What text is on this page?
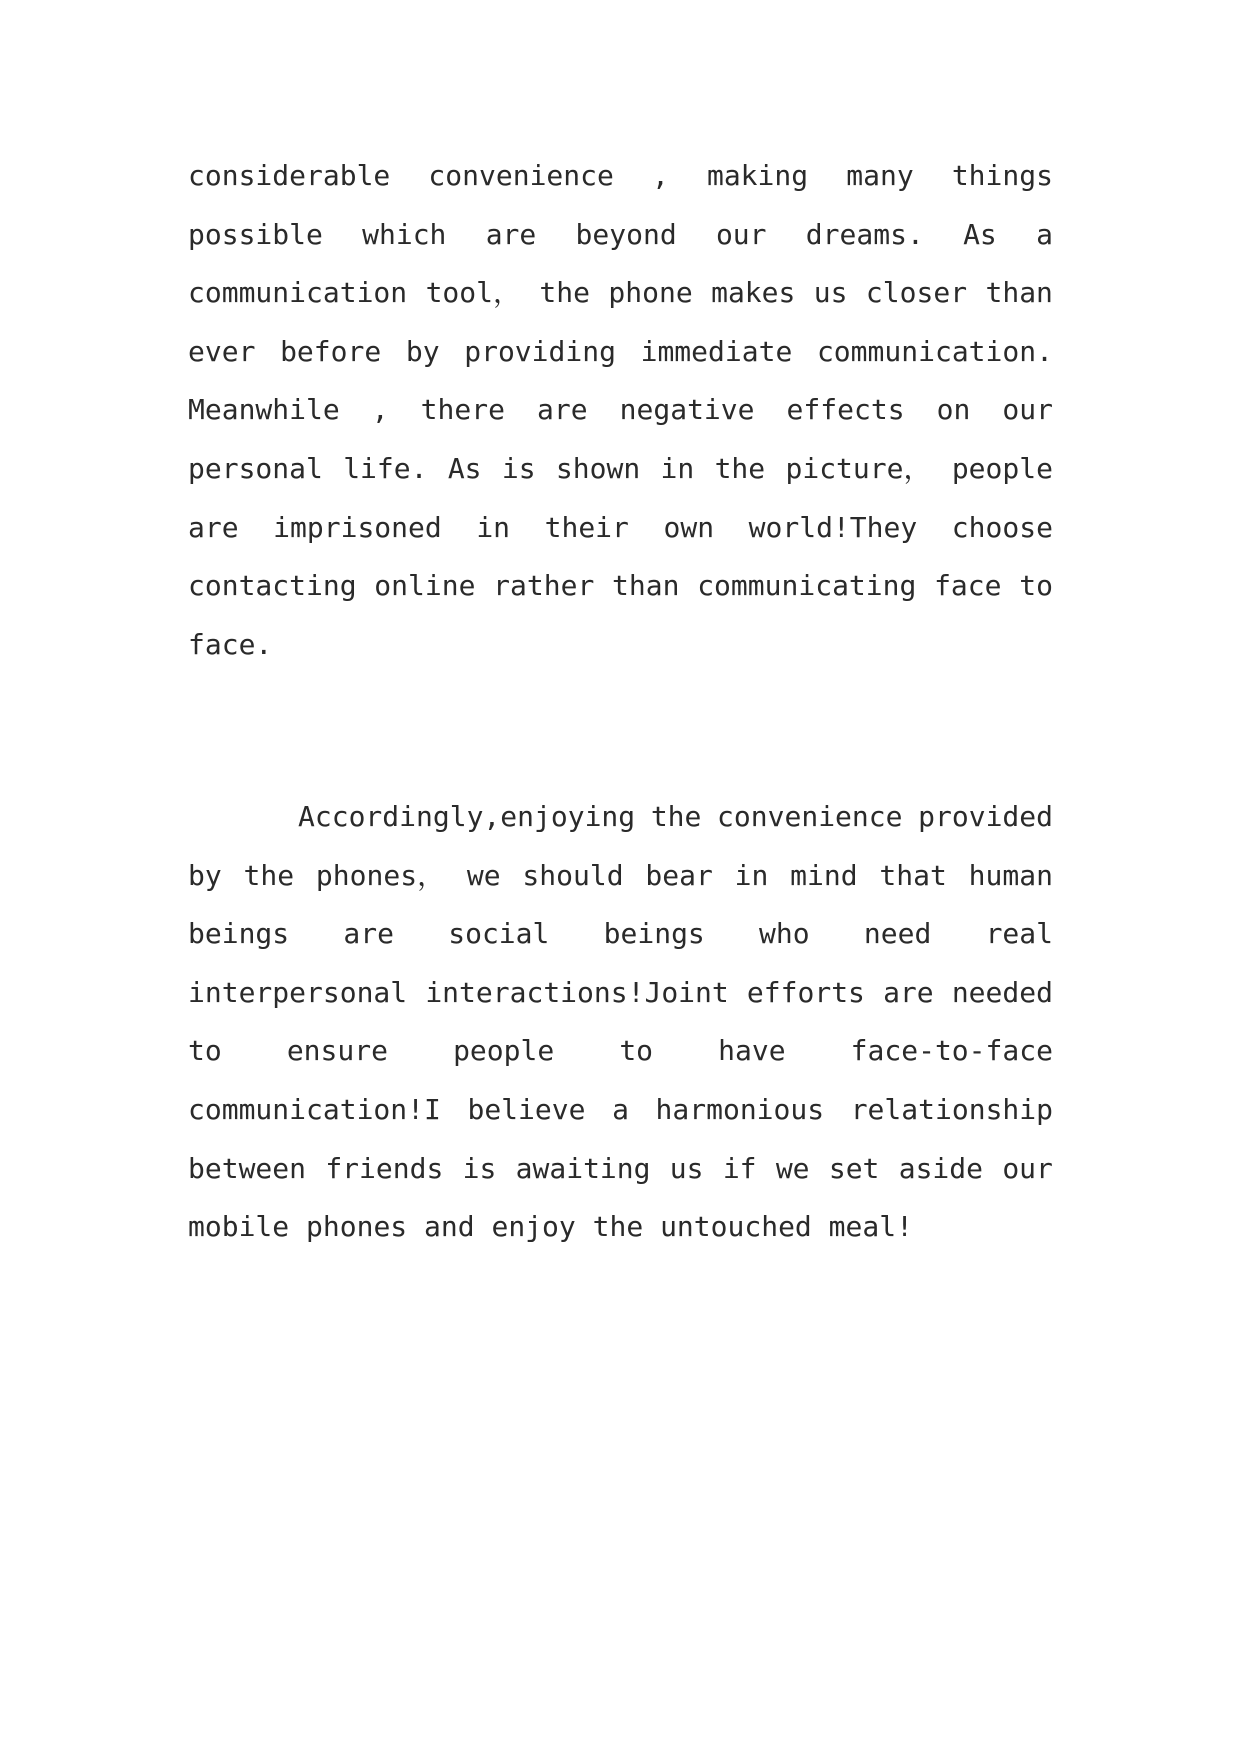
considerable convenience , making many things
possible which are beyond our dreams. As a
communication tool， the phone makes us closer than
ever before by providing immediate communication.
Meanwhile , there are negative effects on our
personal life. As is shown in the picture， people
are imprisoned in their own world!They choose
contacting online rather than communicating face to
face.
Accordingly,enjoying the convenience provided
by the phones， we should bear in mind that human
beings are social beings who need real
interpersonal interactions!Joint efforts are needed
to ensure people to have face-to-face
communication!I believe a harmonious relationship
between friends is awaiting us if we set aside our
mobile phones and enjoy the untouched meal!
